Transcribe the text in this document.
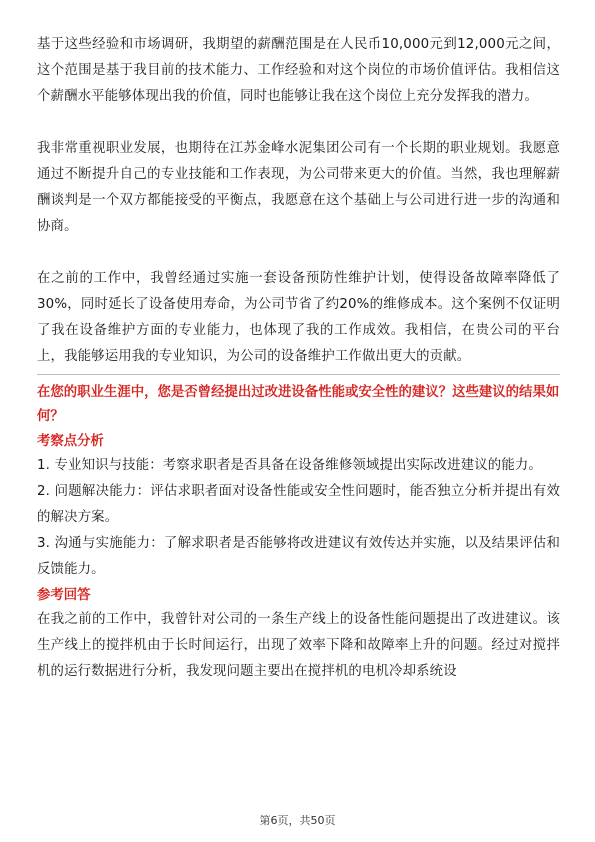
基于这些经验和市场调研，我期望的薪酬范围是在人民币10,000元到12,000元之间，这个范围是基于我目前的技术能力、工作经验和对这个岗位的市场价值评估。我相信这个薪酬水平能够体现出我的价值，同时也能够让我在这个岗位上充分发挥我的潜力。

我非常重视职业发展，也期待在江苏金峰水泥集团公司有一个长期的职业规划。我愿意通过不断提升自己的专业技能和工作表现，为公司带来更大的价值。当然，我也理解薪酬谈判是一个双方都能接受的平衡点，我愿意在这个基础上与公司进行进一步的沟通和协商。

在之前的工作中，我曾经通过实施一套设备预防性维护计划，使得设备故障率降低了30%，同时延长了设备使用寿命，为公司节省了约20%的维修成本。这个案例不仅证明了我在设备维护方面的专业能力，也体现了我的工作成效。我相信，在贵公司的平台上，我能够运用我的专业知识，为公司的设备维护工作做出更大的贡献。

在您的职业生涯中，您是否曾经提出过改进设备性能或安全性的建议？这些建议的结果如何？
考察点分析

1. 专业知识与技能：考察求职者是否具备在设备维修领域提出实际改进建议的能力。

2. 问题解决能力：评估求职者面对设备性能或安全性问题时，能否独立分析并提出有效的解决方案。

3. 沟通与实施能力：了解求职者是否能够将改进建议有效传达并实施，以及结果评估和反馈能力。

参考回答

在我之前的工作中，我曾针对公司的一条生产线上的设备性能问题提出了改进建议。该生产线上的搅拌机由于长时间运行，出现了效率下降和故障率上升的问题。经过对搅拌机的运行数据进行分析，我发现问题主要出在搅拌机的电机冷却系统设

第6页，共50页
